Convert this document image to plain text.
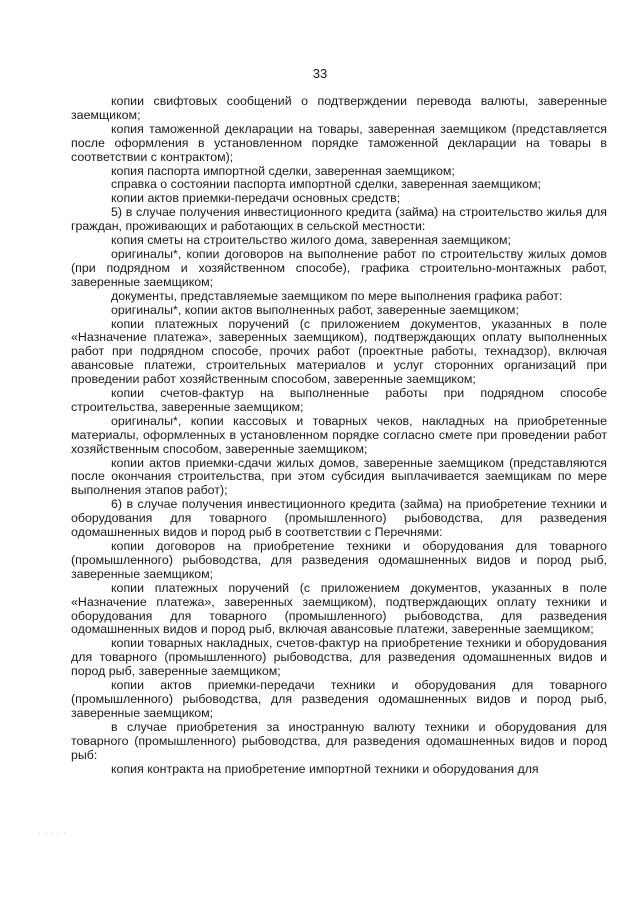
33

копии свифтовых сообщений о подтверждении перевода валюты, заверенные заемщиком;

копия таможенной декларации на товары, заверенная заемщиком (представляется после оформления в установленном порядке таможенной декларации на товары в соответствии с контрактом);

копия паспорта импортной сделки, заверенная заемщиком;

справка о состоянии паспорта импортной сделки, заверенная заемщиком;

копии актов приемки-передачи основных средств;

5) в случае получения инвестиционного кредита (займа) на строительство жилья для граждан, проживающих и работающих в сельской местности:

копия сметы на строительство жилого дома, заверенная заемщиком;

оригиналы*, копии договоров на выполнение работ по строительству жилых домов (при подрядном и хозяйственном способе), графика строительно-монтажных работ, заверенные заемщиком;

документы, представляемые заемщиком по мере выполнения графика работ:

оригиналы*, копии актов выполненных работ, заверенные заемщиком;

копии платежных поручений (с приложением документов, указанных в поле «Назначение платежа», заверенных заемщиком), подтверждающих оплату выполненных работ при подрядном способе, прочих работ (проектные работы, технадзор), включая авансовые платежи, строительных материалов и услуг сторонних организаций при проведении работ хозяйственным способом, заверенные заемщиком;

копии счетов-фактур на выполненные работы при подрядном способе строительства, заверенные заемщиком;

оригиналы*, копии кассовых и товарных чеков, накладных на приобретенные материалы, оформленных в установленном порядке согласно смете при проведении работ хозяйственным способом, заверенные заемщиком;

копии актов приемки-сдачи жилых домов, заверенные заемщиком (представляются после окончания строительства, при этом субсидия выплачивается заемщикам по мере выполнения этапов работ);

6) в случае получения инвестиционного кредита (займа) на приобретение техники и оборудования для товарного (промышленного) рыбоводства, для разведения одомашненных видов и пород рыб в соответствии с Перечнями:

копии договоров на приобретение техники и оборудования для товарного (промышленного) рыбоводства, для разведения одомашненных видов и пород рыб, заверенные заемщиком;

копии платежных поручений (с приложением документов, указанных в поле «Назначение платежа», заверенных заемщиком), подтверждающих оплату техники и оборудования для товарного (промышленного) рыбоводства, для разведения одомашненных видов и пород рыб, включая авансовые платежи, заверенные заемщиком;

копии товарных накладных, счетов-фактур на приобретение техники и оборудования для товарного (промышленного) рыбоводства, для разведения одомашненных видов и пород рыб, заверенные заемщиком;

копии актов приемки-передачи техники и оборудования для товарного (промышленного) рыбоводства, для разведения одомашненных видов и пород рыб, заверенные заемщиком;

в случае приобретения за иностранную валюту техники и оборудования для товарного (промышленного) рыбоводства, для разведения одомашненных видов и пород рыб:

копия контракта на приобретение импортной техники и оборудования для

· · · · ·
